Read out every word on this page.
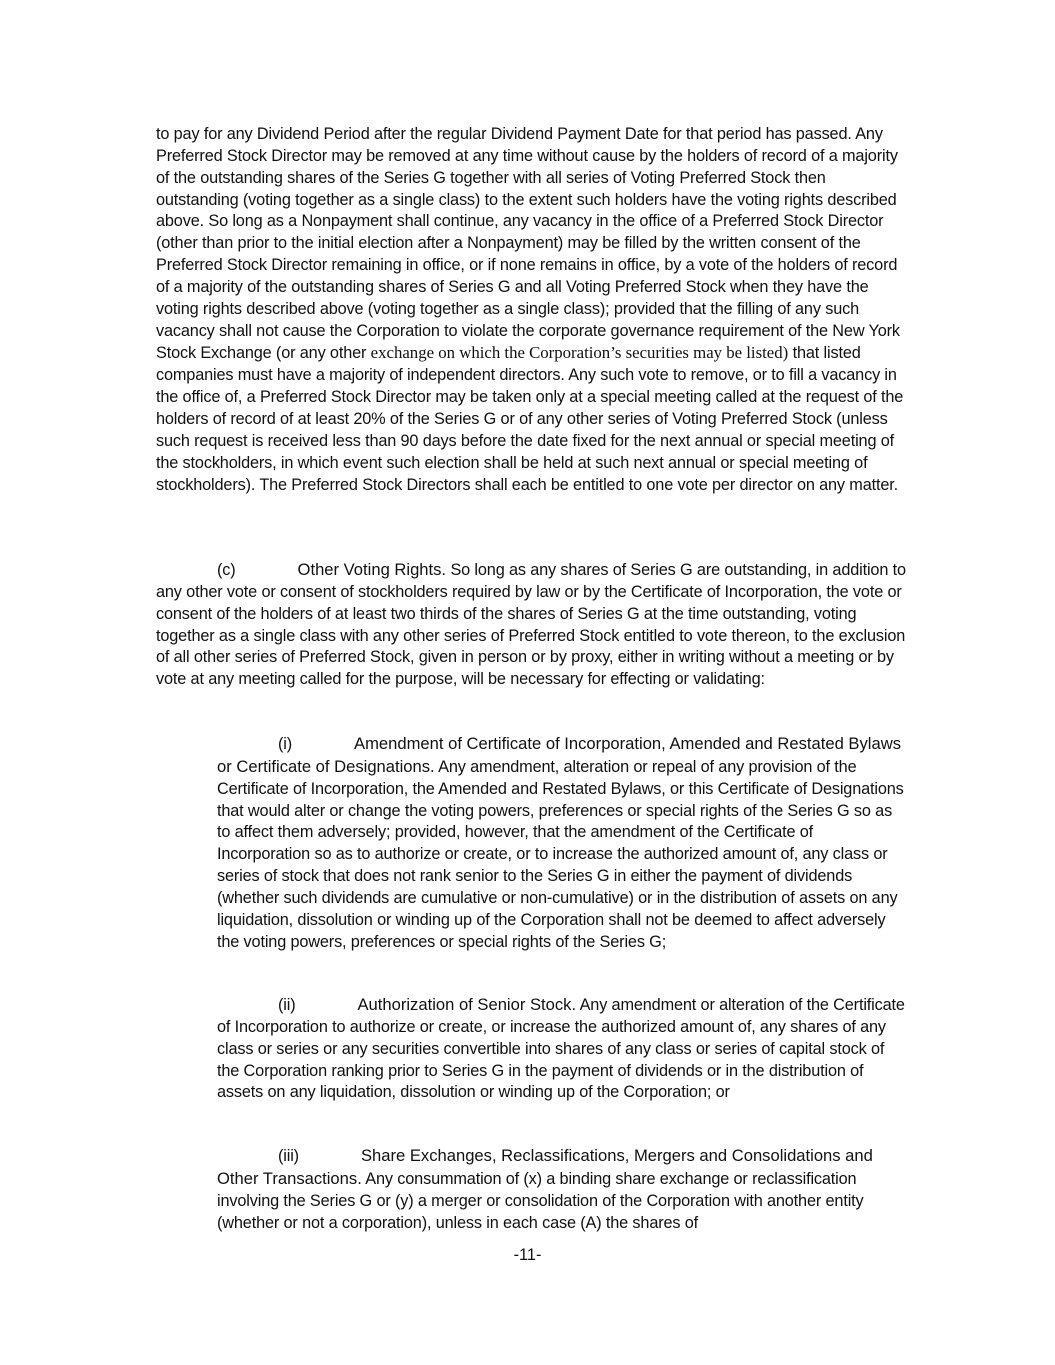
to pay for any Dividend Period after the regular Dividend Payment Date for that period has passed. Any Preferred Stock Director may be removed at any time without cause by the holders of record of a majority of the outstanding shares of the Series G together with all series of Voting Preferred Stock then outstanding (voting together as a single class) to the extent such holders have the voting rights described above. So long as a Nonpayment shall continue, any vacancy in the office of a Preferred Stock Director (other than prior to the initial election after a Nonpayment) may be filled by the written consent of the Preferred Stock Director remaining in office, or if none remains in office, by a vote of the holders of record of a majority of the outstanding shares of Series G and all Voting Preferred Stock when they have the voting rights described above (voting together as a single class); provided that the filling of any such vacancy shall not cause the Corporation to violate the corporate governance requirement of the New York Stock Exchange (or any other exchange on which the Corporation’s securities may be listed) that listed companies must have a majority of independent directors. Any such vote to remove, or to fill a vacancy in the office of, a Preferred Stock Director may be taken only at a special meeting called at the request of the holders of record of at least 20% of the Series G or of any other series of Voting Preferred Stock (unless such request is received less than 90 days before the date fixed for the next annual or special meeting of the stockholders, in which event such election shall be held at such next annual or special meeting of stockholders). The Preferred Stock Directors shall each be entitled to one vote per director on any matter.

(c)	Other Voting Rights. So long as any shares of Series G are outstanding, in addition to any other vote or consent of stockholders required by law or by the Certificate of Incorporation, the vote or consent of the holders of at least two thirds of the shares of Series G at the time outstanding, voting together as a single class with any other series of Preferred Stock entitled to vote thereon, to the exclusion of all other series of Preferred Stock, given in person or by proxy, either in writing without a meeting or by vote at any meeting called for the purpose, will be necessary for effecting or validating:

(i)	Amendment of Certificate of Incorporation, Amended and Restated Bylaws or Certificate of Designations. Any amendment, alteration or repeal of any provision of the Certificate of Incorporation, the Amended and Restated Bylaws, or this Certificate of Designations that would alter or change the voting powers, preferences or special rights of the Series G so as to affect them adversely; provided, however, that the amendment of the Certificate of Incorporation so as to authorize or create, or to increase the authorized amount of, any class or series of stock that does not rank senior to the Series G in either the payment of dividends (whether such dividends are cumulative or non-cumulative) or in the distribution of assets on any liquidation, dissolution or winding up of the Corporation shall not be deemed to affect adversely the voting powers, preferences or special rights of the Series G;

(ii)	Authorization of Senior Stock. Any amendment or alteration of the Certificate of Incorporation to authorize or create, or increase the authorized amount of, any shares of any class or series or any securities convertible into shares of any class or series of capital stock of the Corporation ranking prior to Series G in the payment of dividends or in the distribution of assets on any liquidation, dissolution or winding up of the Corporation; or

(iii)	Share Exchanges, Reclassifications, Mergers and Consolidations and Other Transactions. Any consummation of (x) a binding share exchange or reclassification involving the Series G or (y) a merger or consolidation of the Corporation with another entity (whether or not a corporation), unless in each case (A) the shares of

-11-
